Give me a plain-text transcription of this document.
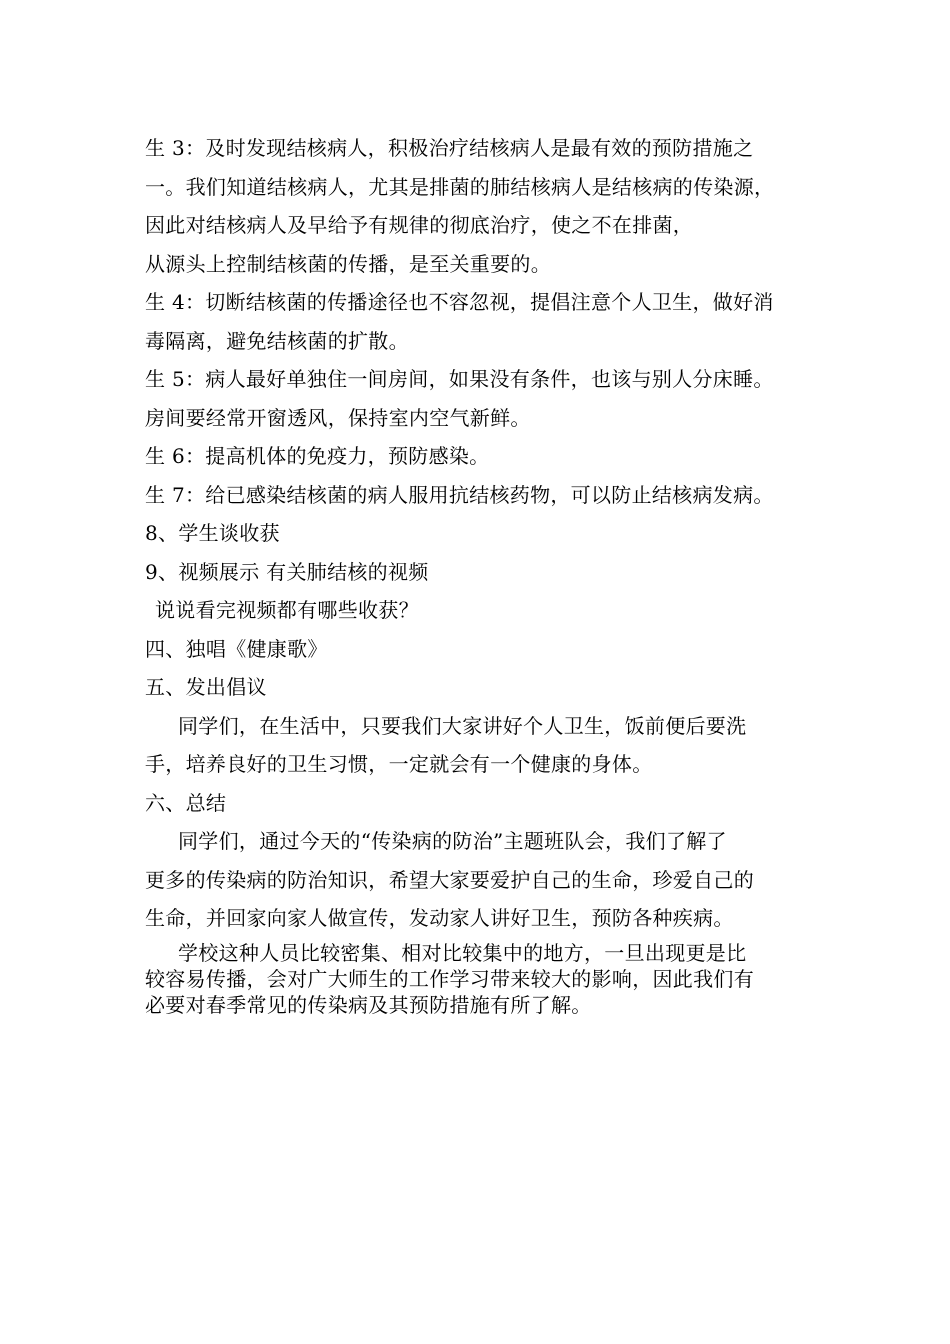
生 3：及时发现结核病人，积极治疗结核病人是最有效的预防措施之
一。我们知道结核病人，尤其是排菌的肺结核病人是结核病的传染源，
因此对结核病人及早给予有规律的彻底治疗，使之不在排菌，
从源头上控制结核菌的传播，是至关重要的。
生 4：切断结核菌的传播途径也不容忽视，提倡注意个人卫生，做好消
毒隔离，避免结核菌的扩散。
生 5：病人最好单独住一间房间，如果没有条件，也该与别人分床睡。
房间要经常开窗透风，保持室内空气新鲜。
生 6：提高机体的免疫力，预防感染。
生 7：给已感染结核菌的病人服用抗结核药物，可以防止结核病发病。
8、学生谈收获
9、视频展示 有关肺结核的视频
说说看完视频都有哪些收获？
四、独唱《健康歌》
五、发出倡议
同学们，在生活中，只要我们大家讲好个人卫生，饭前便后要洗
手，培养良好的卫生习惯，一定就会有一个健康的身体。
六、总结
同学们，通过今天的“传染病的防治”主题班队会，我们了解了
更多的传染病的防治知识，希望大家要爱护自己的生命，珍爱自己的
生命，并回家向家人做宣传，发动家人讲好卫生，预防各种疾病。
学校这种人员比较密集、相对比较集中的地方，一旦出现更是比
较容易传播，会对广大师生的工作学习带来较大的影响，因此我们有
必要对春季常见的传染病及其预防措施有所了解。
